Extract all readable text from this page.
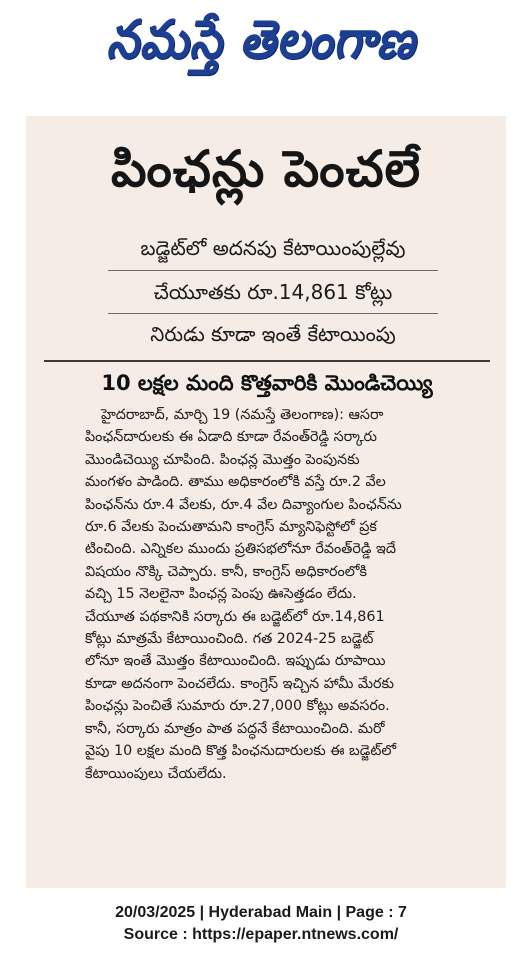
నమస్తే తెలంగాణ
పింఛన్లు పెంచలే
బడ్జెట్‌లో అదనపు కేటాయింపుల్లేవు
చేయూతకు రూ.14,861 కోట్లు
నిరుడు కూడా ఇంతే కేటాయింపు
10 లక్షల మంది కొత్తవారికి మొండిచెయ్యి
హైదరాబాద్, మార్చి 19 (నమస్తే తెలంగాణ): ఆసరా
పింఛన్‌దారులకు ఈ ఏడాది కూడా రేవంత్‌రెడ్డి సర్కారు
మొండిచెయ్యి చూపింది. పింఛన్ల మొత్తం పెంపునకు
మంగళం పాడింది. తాము అధికారంలోకి వస్తే రూ.2 వేల
పింఛన్‌ను రూ.4 వేలకు, రూ.4 వేల దివ్యాంగుల పింఛన్‌ను
రూ.6 వేలకు పెంచుతామని కాంగ్రెస్ మ్యానిఫెస్టోలో ప్రక
టించింది. ఎన్నికల ముందు ప్రతిసభలోనూ రేవంత్‌రెడ్డి ఇదే
విషయం నొక్కి చెప్పారు. కానీ, కాంగ్రెస్ అధికారంలోకి
వచ్చి 15 నెలలైనా పింఛన్ల పెంపు ఊసెత్తడం లేదు.
చేయూత పథకానికి సర్కారు ఈ బడ్జెట్‌లో రూ.14,861
కోట్లు మాత్రమే కేటాయించింది. గత 2024-25 బడ్జెట్
లోనూ ఇంతే మొత్తం కేటాయించింది. ఇప్పుడు రూపాయి
కూడా అదనంగా పెంచలేదు. కాంగ్రెస్ ఇచ్చిన హామీ మేరకు
పింఛన్లు పెంచితే సుమారు రూ.27,000 కోట్లు అవసరం.
కానీ, సర్కారు మాత్రం పాత పద్ధనే కేటాయించింది. మరో
వైపు 10 లక్షల మంది కొత్త పింఛనుదారులకు ఈ బడ్జెట్‌లో
కేటాయింపులు చేయలేదు.
20/03/2025 | Hyderabad Main | Page : 7
Source : https://epaper.ntnews.com/
